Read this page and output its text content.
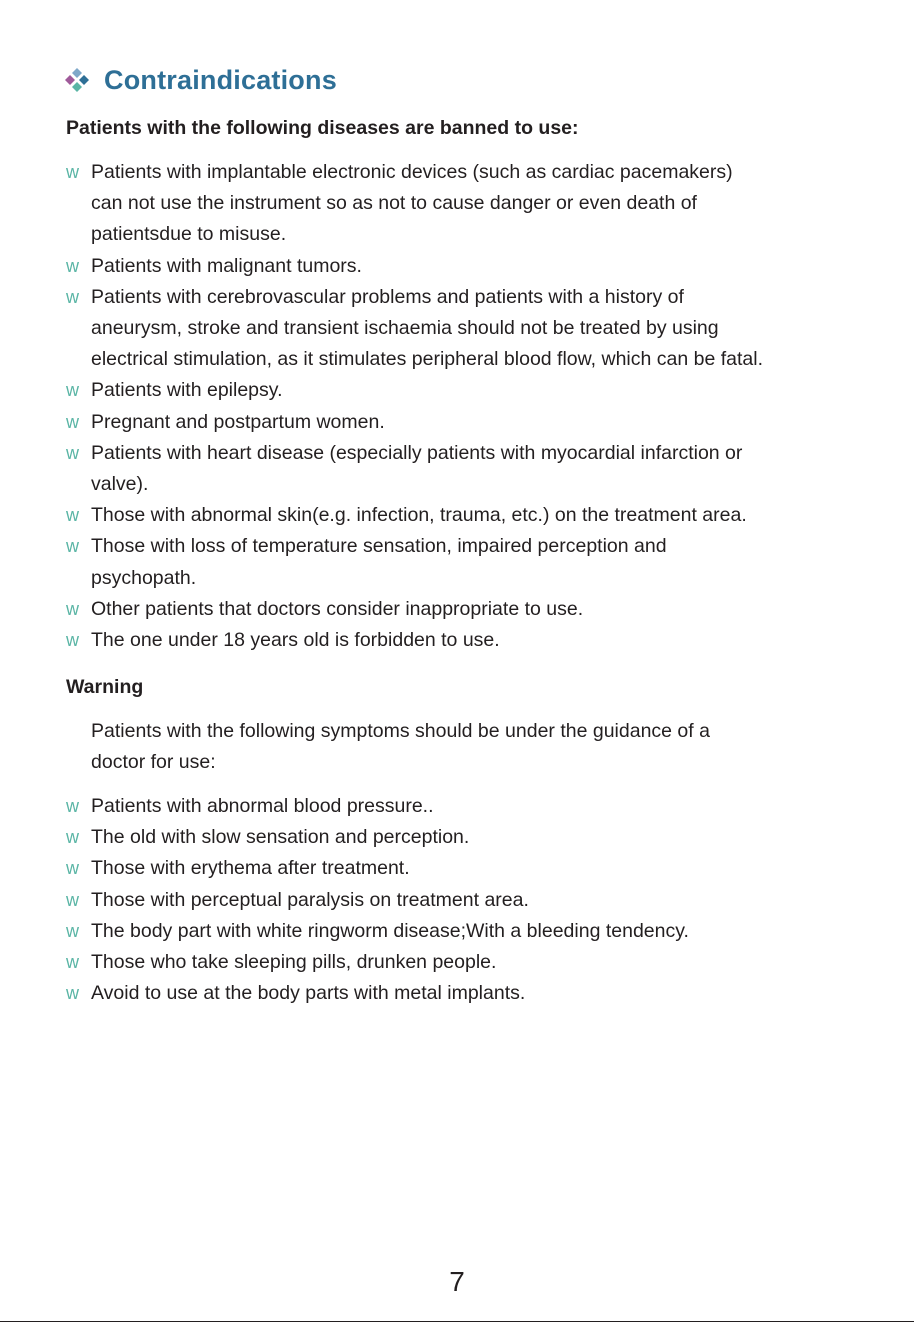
Contraindications
Patients with the following diseases are banned to use:
w Patients with implantable electronic devices (such as cardiac pacemakers)
can not use the instrument so as not to cause danger or even death of
patientsdue to misuse.
w Patients with malignant tumors.
w Patients with cerebrovascular problems and patients with a history of
aneurysm, stroke and transient ischaemia should not be treated by using
electrical stimulation, as it stimulates peripheral blood flow, which can be fatal.
w Patients with epilepsy.
w Pregnant and postpartum women.
w Patients with heart disease (especially patients with myocardial infarction or
valve).
w Those with abnormal skin(e.g. infection, trauma, etc.) on the treatment area.
w Those with loss of temperature sensation, impaired perception and
psychopath.
w Other patients that doctors consider inappropriate to use.
w The one under 18 years old is forbidden to use.
Warning
Patients with the following symptoms should be under the guidance of a
doctor for use:
w Patients with abnormal blood pressure..
w The old with slow sensation and perception.
w Those with erythema after treatment.
w Those with perceptual paralysis on treatment area.
w The body part with white ringworm disease;With a bleeding tendency.
w Those who take sleeping pills, drunken people.
w Avoid to use at the body parts with metal implants.
7
